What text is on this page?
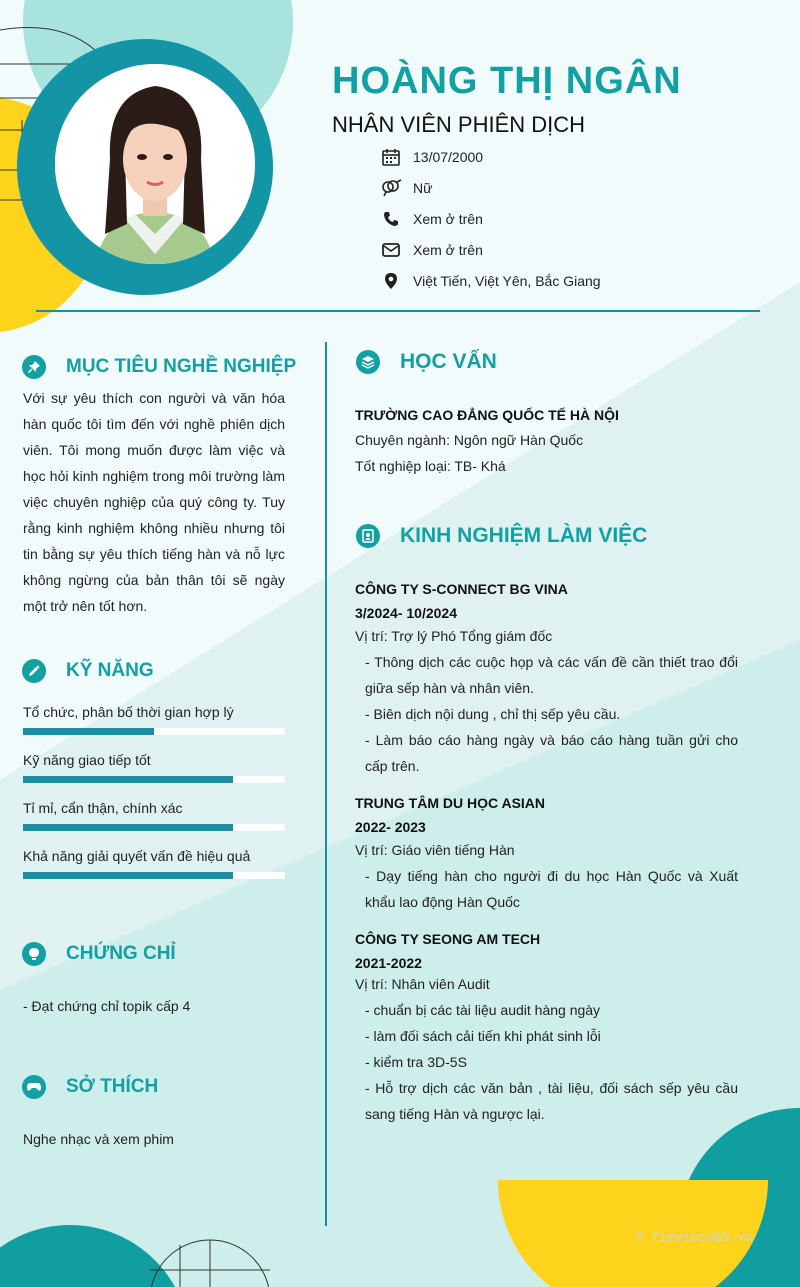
HOÀNG THỊ NGÂN
NHÂN VIÊN PHIÊN DỊCH
13/07/2000
Nữ
Xem ở trên
Xem ở trên
Việt Tiến, Việt Yên, Bắc Giang
MỤC TIÊU NGHỀ NGHIỆP
Với sự yêu thích con người và văn hóa hàn quốc tôi tìm đến với nghề phiên dịch viên. Tôi mong muốn được làm việc và học hỏi kinh nghiệm trong môi trường làm việc chuyên nghiệp của quý công ty. Tuy rằng kinh nghiệm không nhiều nhưng tôi tin bằng sự yêu thích tiếng hàn và nỗ lực không ngừng của bản thân tôi sẽ ngày một trở nên tốt hơn.
KỸ NĂNG
Tổ chức, phân bố thời gian hợp lý
Kỹ năng giao tiếp tốt
Tỉ mỉ, cẩn thận, chính xác
Khả năng giải quyết vấn đề hiệu quả
CHỨNG CHỈ
- Đạt chứng chỉ topik cấp 4
SỞ THÍCH
Nghe nhạc và xem phim
HỌC VẤN
TRƯỜNG CAO ĐẲNG QUỐC TẾ HÀ NỘI
Chuyên ngành: Ngôn ngữ Hàn Quốc
Tốt nghiệp loại: TB- Khá
KINH NGHIỆM LÀM VIỆC
CÔNG TY S-CONNECT BG VINA
3/2024- 10/2024
Vị trí: Trợ lý Phó Tổng giám đốc
- Thông dịch các cuộc họp và các vấn đề cần thiết trao đổi giữa sếp hàn và nhân viên.
- Biên dịch nội dung , chỉ thị sếp yêu cầu.
- Làm báo cáo hàng ngày và báo cáo hàng tuần gửi cho cấp trên.
TRUNG TÂM DU HỌC ASIAN
2022- 2023
Vị trí: Giáo viên tiếng Hàn
- Dạy tiếng hàn cho người đi du học Hàn Quốc và Xuất khẩu lao động Hàn Quốc
CÔNG TY SEONG AM TECH
2021-2022
Vị trí: Nhân viên Audit
- chuẩn bị các tài liệu audit hàng ngày
- làm đối sách cải tiến khi phát sinh lỗi
- kiểm tra 3D-5S
- Hỗ trợ dịch các văn bản , tài liệu, đối sách sếp yêu cầu sang tiếng Hàn và ngược lại.
© Timviec365.vn
